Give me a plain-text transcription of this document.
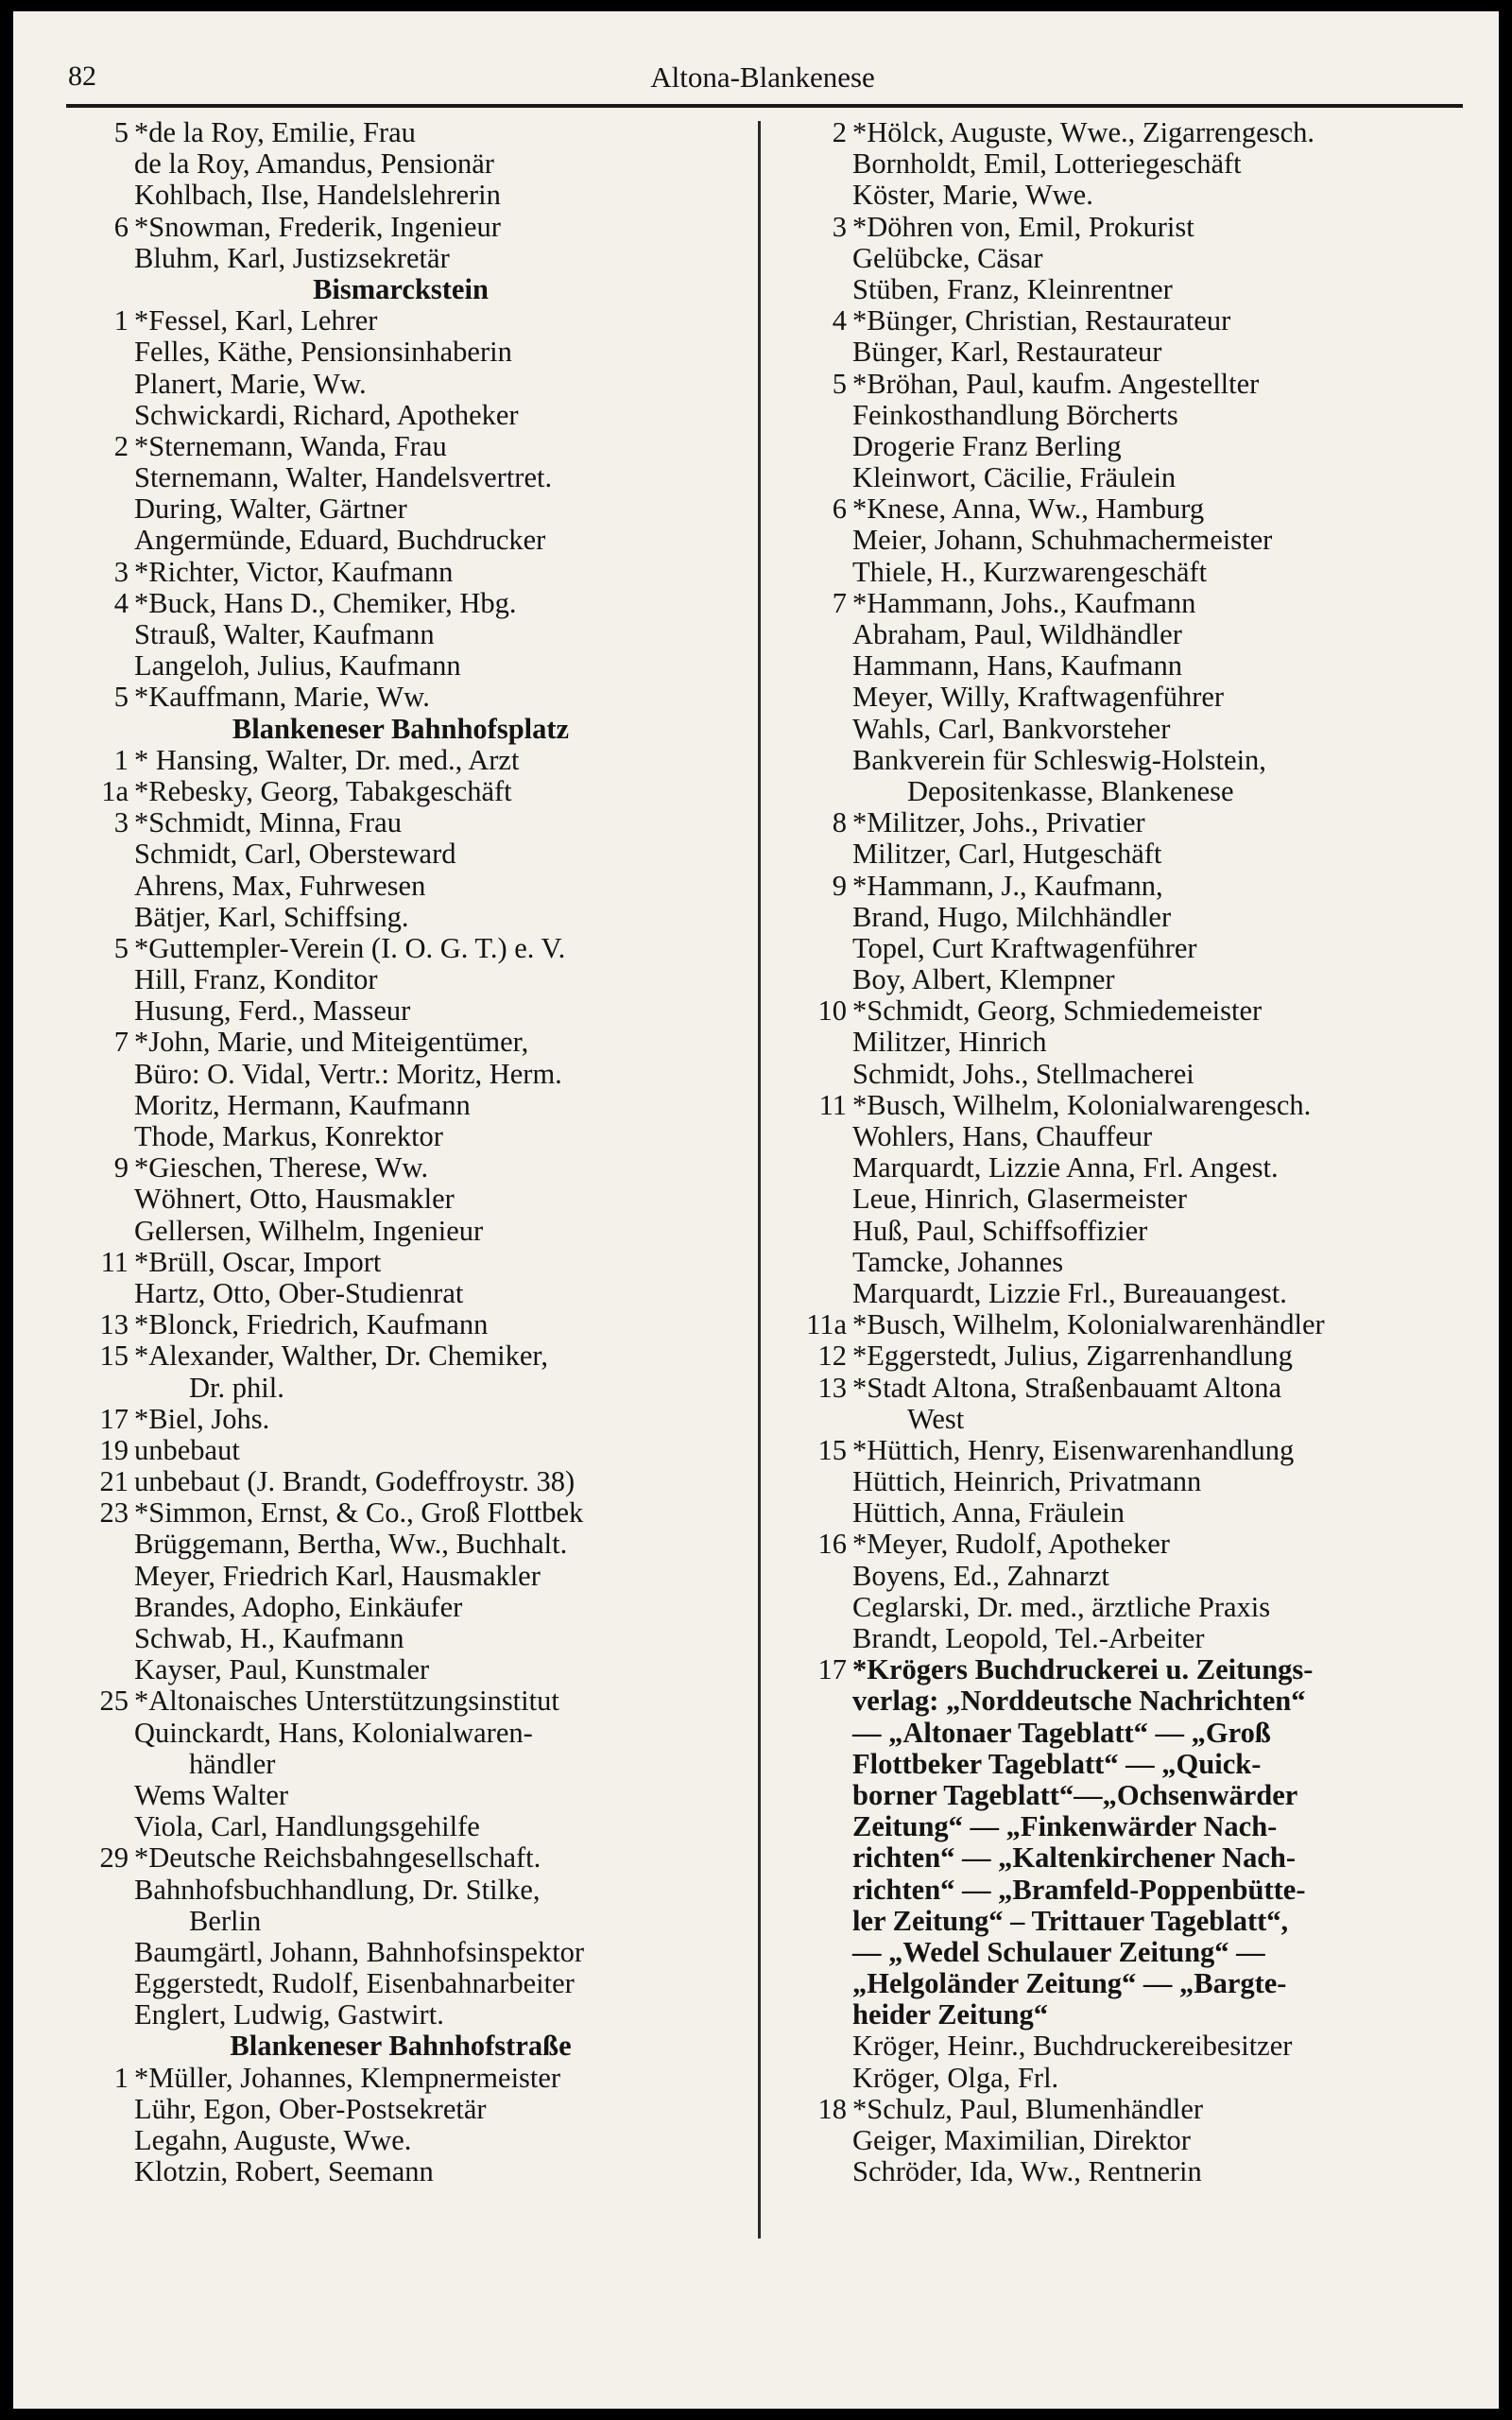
82	Altona-Blankenese
5 *de la Roy, Emilie, Frau
de la Roy, Amandus, Pensionär
Kohlbach, Ilse, Handelslehrerin
6 *Snowman, Frederik, Ingenieur
Bluhm, Karl, Justizsekretär
Bismarckstein
1 *Fessel, Karl, Lehrer
Felles, Käthe, Pensionsinhaberin
Planert, Marie, Ww.
Schwickardi, Richard, Apotheker
2 *Sternemann, Wanda, Frau
Sternemann, Walter, Handelsvertret.
During, Walter, Gärtner
Angermünde, Eduard, Buchdrucker
3 *Richter, Victor, Kaufmann
4 *Buck, Hans D., Chemiker, Hbg.
Strauß, Walter, Kaufmann
Langeloh, Julius, Kaufmann
5 *Kauffmann, Marie, Ww.
Blankeneser Bahnhofsplatz
1 * Hansing, Walter, Dr. med., Arzt
1a *Rebesky, Georg, Tabakgeschäft
3 *Schmidt, Minna, Frau
Schmidt, Carl, Obersteward
Ahrens, Max, Fuhrwesen
Bätjer, Karl, Schiffsing.
5 *Guttempler-Verein (I. O. G. T.) e. V.
Hill, Franz, Konditor
Husung, Ferd., Masseur
7 *John, Marie, und Miteigentümer,
Büro: O. Vidal, Vertr.: Moritz, Herm.
Moritz, Hermann, Kaufmann
Thode, Markus, Konrektor
9 *Gieschen, Therese, Ww.
Wöhnert, Otto, Hausmakler
Gellersen, Wilhelm, Ingenieur
11 *Brüll, Oscar, Import
Hartz, Otto, Ober-Studienrat
13 *Blonck, Friedrich, Kaufmann
15 *Alexander, Walther, Dr. Chemiker,
Dr. phil.
17 *Biel, Johs.
19 unbebaut
21 unbebaut (J. Brandt, Godeffroystr. 38)
23 *Simmon, Ernst, & Co., Groß Flottbek
Brüggemann, Bertha, Ww., Buchhalt.
Meyer, Friedrich Karl, Hausmakler
Brandes, Adopho, Einkäufer
Schwab, H., Kaufmann
Kayser, Paul, Kunstmaler
25 *Altonaisches Unterstützungsinstitut
Quinckardt, Hans, Kolonialwaren-
händler
Wems Walter
Viola, Carl, Handlungsgehilfe
29 *Deutsche Reichsbahngesellschaft.
Bahnhofsbuchhandlung, Dr. Stilke,
Berlin
Baumgärtl, Johann, Bahnhofsinspektor
Eggerstedt, Rudolf, Eisenbahnarbeiter
Englert, Ludwig, Gastwirt.
Blankeneser Bahnhofstraße
1 *Müller, Johannes, Klempnermeister
Lühr, Egon, Ober-Postsekretär
Legahn, Auguste, Wwe.
Klotzin, Robert, Seemann
2 *Hölck, Auguste, Wwe., Zigarrengesch.
Bornholdt, Emil, Lotteriegeschäft
Köster, Marie, Wwe.
3 *Döhren von, Emil, Prokurist
Gelübcke, Cäsar
Stüben, Franz, Kleinrentner
4 *Bünger, Christian, Restaurateur
Bünger, Karl, Restaurateur
5 *Bröhan, Paul, kaufm. Angestellter
Feinkosthandlung Börcherts
Drogerie Franz Berling
Kleinwort, Cäcilie, Fräulein
6 *Knese, Anna, Ww., Hamburg
Meier, Johann, Schuhmachermeister
Thiele, H., Kurzwarengeschäft
7 *Hammann, Johs., Kaufmann
Abraham, Paul, Wildhändler
Hammann, Hans, Kaufmann
Meyer, Willy, Kraftwagenführer
Wahls, Carl, Bankvorsteher
Bankverein für Schleswig-Holstein,
Depositenkasse, Blankenese
8 *Militzer, Johs., Privatier
Militzer, Carl, Hutgeschäft
9 *Hammann, J., Kaufmann,
Brand, Hugo, Milchhändler
Topel, Curt Kraftwagenführer
Boy, Albert, Klempner
10 *Schmidt, Georg, Schmiedemeister
Militzer, Hinrich
Schmidt, Johs., Stellmacherei
11 *Busch, Wilhelm, Kolonialwarengesch.
Wohlers, Hans, Chauffeur
Marquardt, Lizzie Anna, Frl. Angest.
Leue, Hinrich, Glasermeister
Huß, Paul, Schiffsoffizier
Tamcke, Johannes
Marquardt, Lizzie Frl., Bureauangest.
11a *Busch, Wilhelm, Kolonialwarenhändler
12 *Eggerstedt, Julius, Zigarrenhandlung
13 *Stadt Altona, Straßenbauamt Altona
West
15 *Hüttich, Henry, Eisenwarenhandlung
Hüttich, Heinrich, Privatmann
Hüttich, Anna, Fräulein
16 *Meyer, Rudolf, Apotheker
Boyens, Ed., Zahnarzt
Ceglarski, Dr. med., ärztliche Praxis
Brandt, Leopold, Tel.-Arbeiter
17 *Krögers Buchdruckerei u. Zeitungs-
verlag: „Norddeutsche Nachrichten“
— „Altonaer Tageblatt“ — „Groß
Flottbeker Tageblatt“ — „Quick-
borner Tageblatt“—„Ochsenwärder
Zeitung“ — „Finkenwärder Nach-
richten“ — „Kaltenkirchener Nach-
richten“ — „Bramfeld-Poppenbütte-
ler Zeitung“ – Trittauer Tageblatt“,
— „Wedel Schulauer Zeitung“ —
„Helgoländer Zeitung“ — „Bargte-
heider Zeitung“
Kröger, Heinr., Buchdruckereibesitzer
Kröger, Olga, Frl.
18 *Schulz, Paul, Blumenhändler
Geiger, Maximilian, Direktor
Schröder, Ida, Ww., Rentnerin
